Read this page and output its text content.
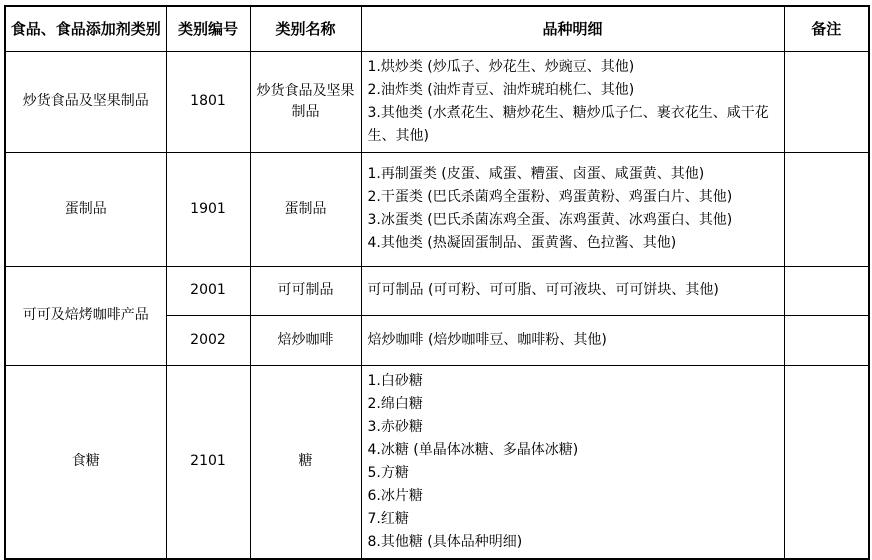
食品、食品添加剂类别	类别编号	类别名称	品种明细	备注
炒货食品及坚果制品	1801	炒货食品及坚果制品	1.烘炒类 (炒瓜子、炒花生、炒豌豆、其他)
2.油炸类 (油炸青豆、油炸琥珀桃仁、其他)
3.其他类 (水煮花生、糖炒花生、糖炒瓜子仁、裹衣花生、咸干花生、其他)	

蛋制品	1901	蛋制品	1.再制蛋类 (皮蛋、咸蛋、糟蛋、卤蛋、咸蛋黄、其他)
2.干蛋类 (巴氏杀菌鸡全蛋粉、鸡蛋黄粉、鸡蛋白片、其他)
3.冰蛋类 (巴氏杀菌冻鸡全蛋、冻鸡蛋黄、冰鸡蛋白、其他)
4.其他类 (热凝固蛋制品、蛋黄酱、色拉酱、其他)	

可可及焙烤咖啡产品	2001	可可制品	可可制品 (可可粉、可可脂、可可液块、可可饼块、其他)	

	2002	焙炒咖啡	焙炒咖啡 (焙炒咖啡豆、咖啡粉、其他)	

食糖	2101	糖	
1.白砂糖
2.绵白糖
3.赤砂糖
4.冰糖 (单晶体冰糖、多晶体冰糖)
5.方糖
6.冰片糖
7.红糖
8.其他糖 (具体品种明细)
